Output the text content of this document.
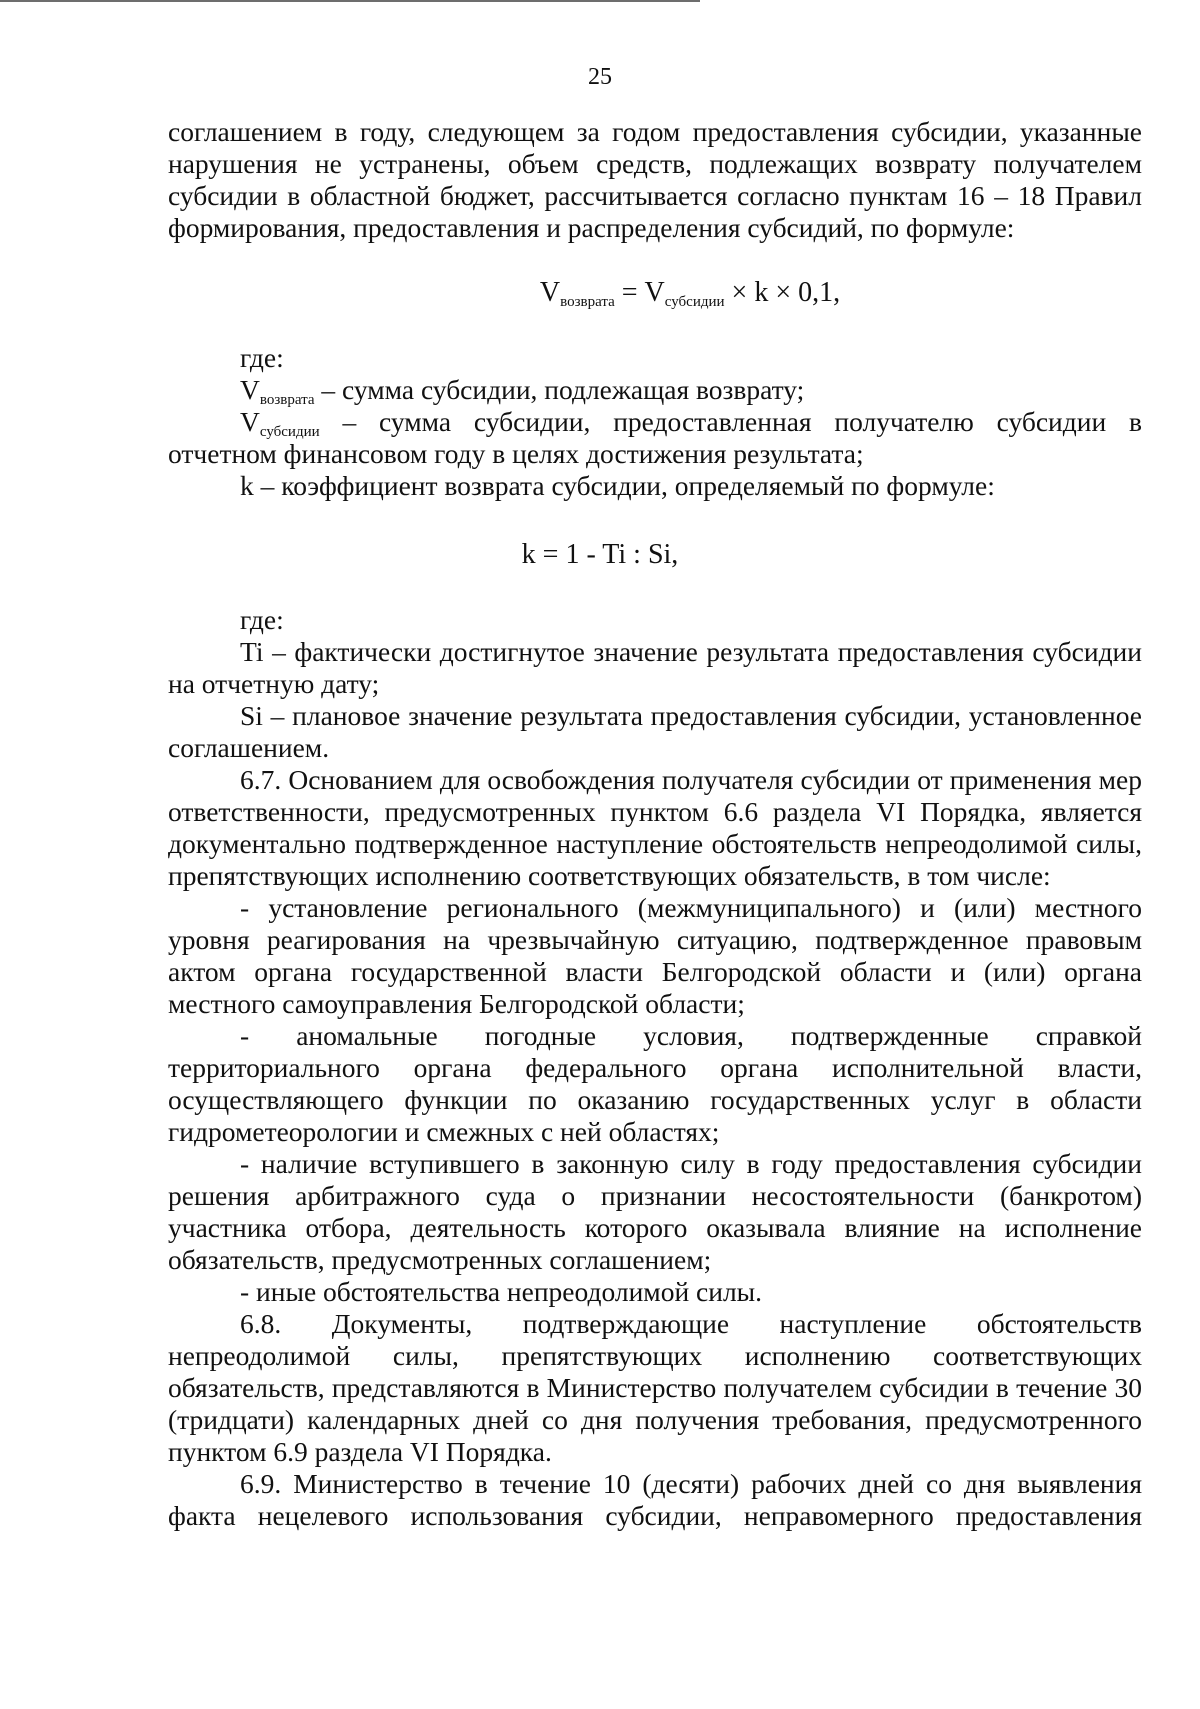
25

соглашением в году, следующем за годом предоставления субсидии, указанные нарушения не устранены, объем средств, подлежащих возврату получателем субсидии в областной бюджет, рассчитывается согласно пунктам 16 – 18 Правил формирования, предоставления и распределения субсидий, по формуле:

$V_{возврата} = V_{субсидии} \times k \times 0,1$,

где:

$V_{возврата}$ – сумма субсидии, подлежащая возврату;

$V_{субсидии}$ – сумма субсидии, предоставленная получателю субсидии в отчетном финансовом году в целях достижения результата;

k – коэффициент возврата субсидии, определяемый по формуле:

k = 1 - Ti : Si,

где:

Ti – фактически достигнутое значение результата предоставления субсидии на отчетную дату;

Si – плановое значение результата предоставления субсидии, установленное соглашением.

6.7. Основанием для освобождения получателя субсидии от применения мер ответственности, предусмотренных пунктом 6.6 раздела VI Порядка, является документально подтвержденное наступление обстоятельств непреодолимой силы, препятствующих исполнению соответствующих обязательств, в том числе:

- установление регионального (межмуниципального) и (или) местного уровня реагирования на чрезвычайную ситуацию, подтвержденное правовым актом органа государственной власти Белгородской области и (или) органа местного самоуправления Белгородской области;

- аномальные погодные условия, подтвержденные справкой территориального органа федерального органа исполнительной власти, осуществляющего функции по оказанию государственных услуг в области гидрометеорологии и смежных с ней областях;

- наличие вступившего в законную силу в году предоставления субсидии решения арбитражного суда о признании несостоятельности (банкротом) участника отбора, деятельность которого оказывала влияние на исполнение обязательств, предусмотренных соглашением;

- иные обстоятельства непреодолимой силы.

6.8. Документы, подтверждающие наступление обстоятельств непреодолимой силы, препятствующих исполнению соответствующих обязательств, представляются в Министерство получателем субсидии в течение 30 (тридцати) календарных дней со дня получения требования, предусмотренного пунктом 6.9 раздела VI Порядка.

6.9. Министерство в течение 10 (десяти) рабочих дней со дня выявления факта нецелевого использования субсидии, неправомерного предоставления
